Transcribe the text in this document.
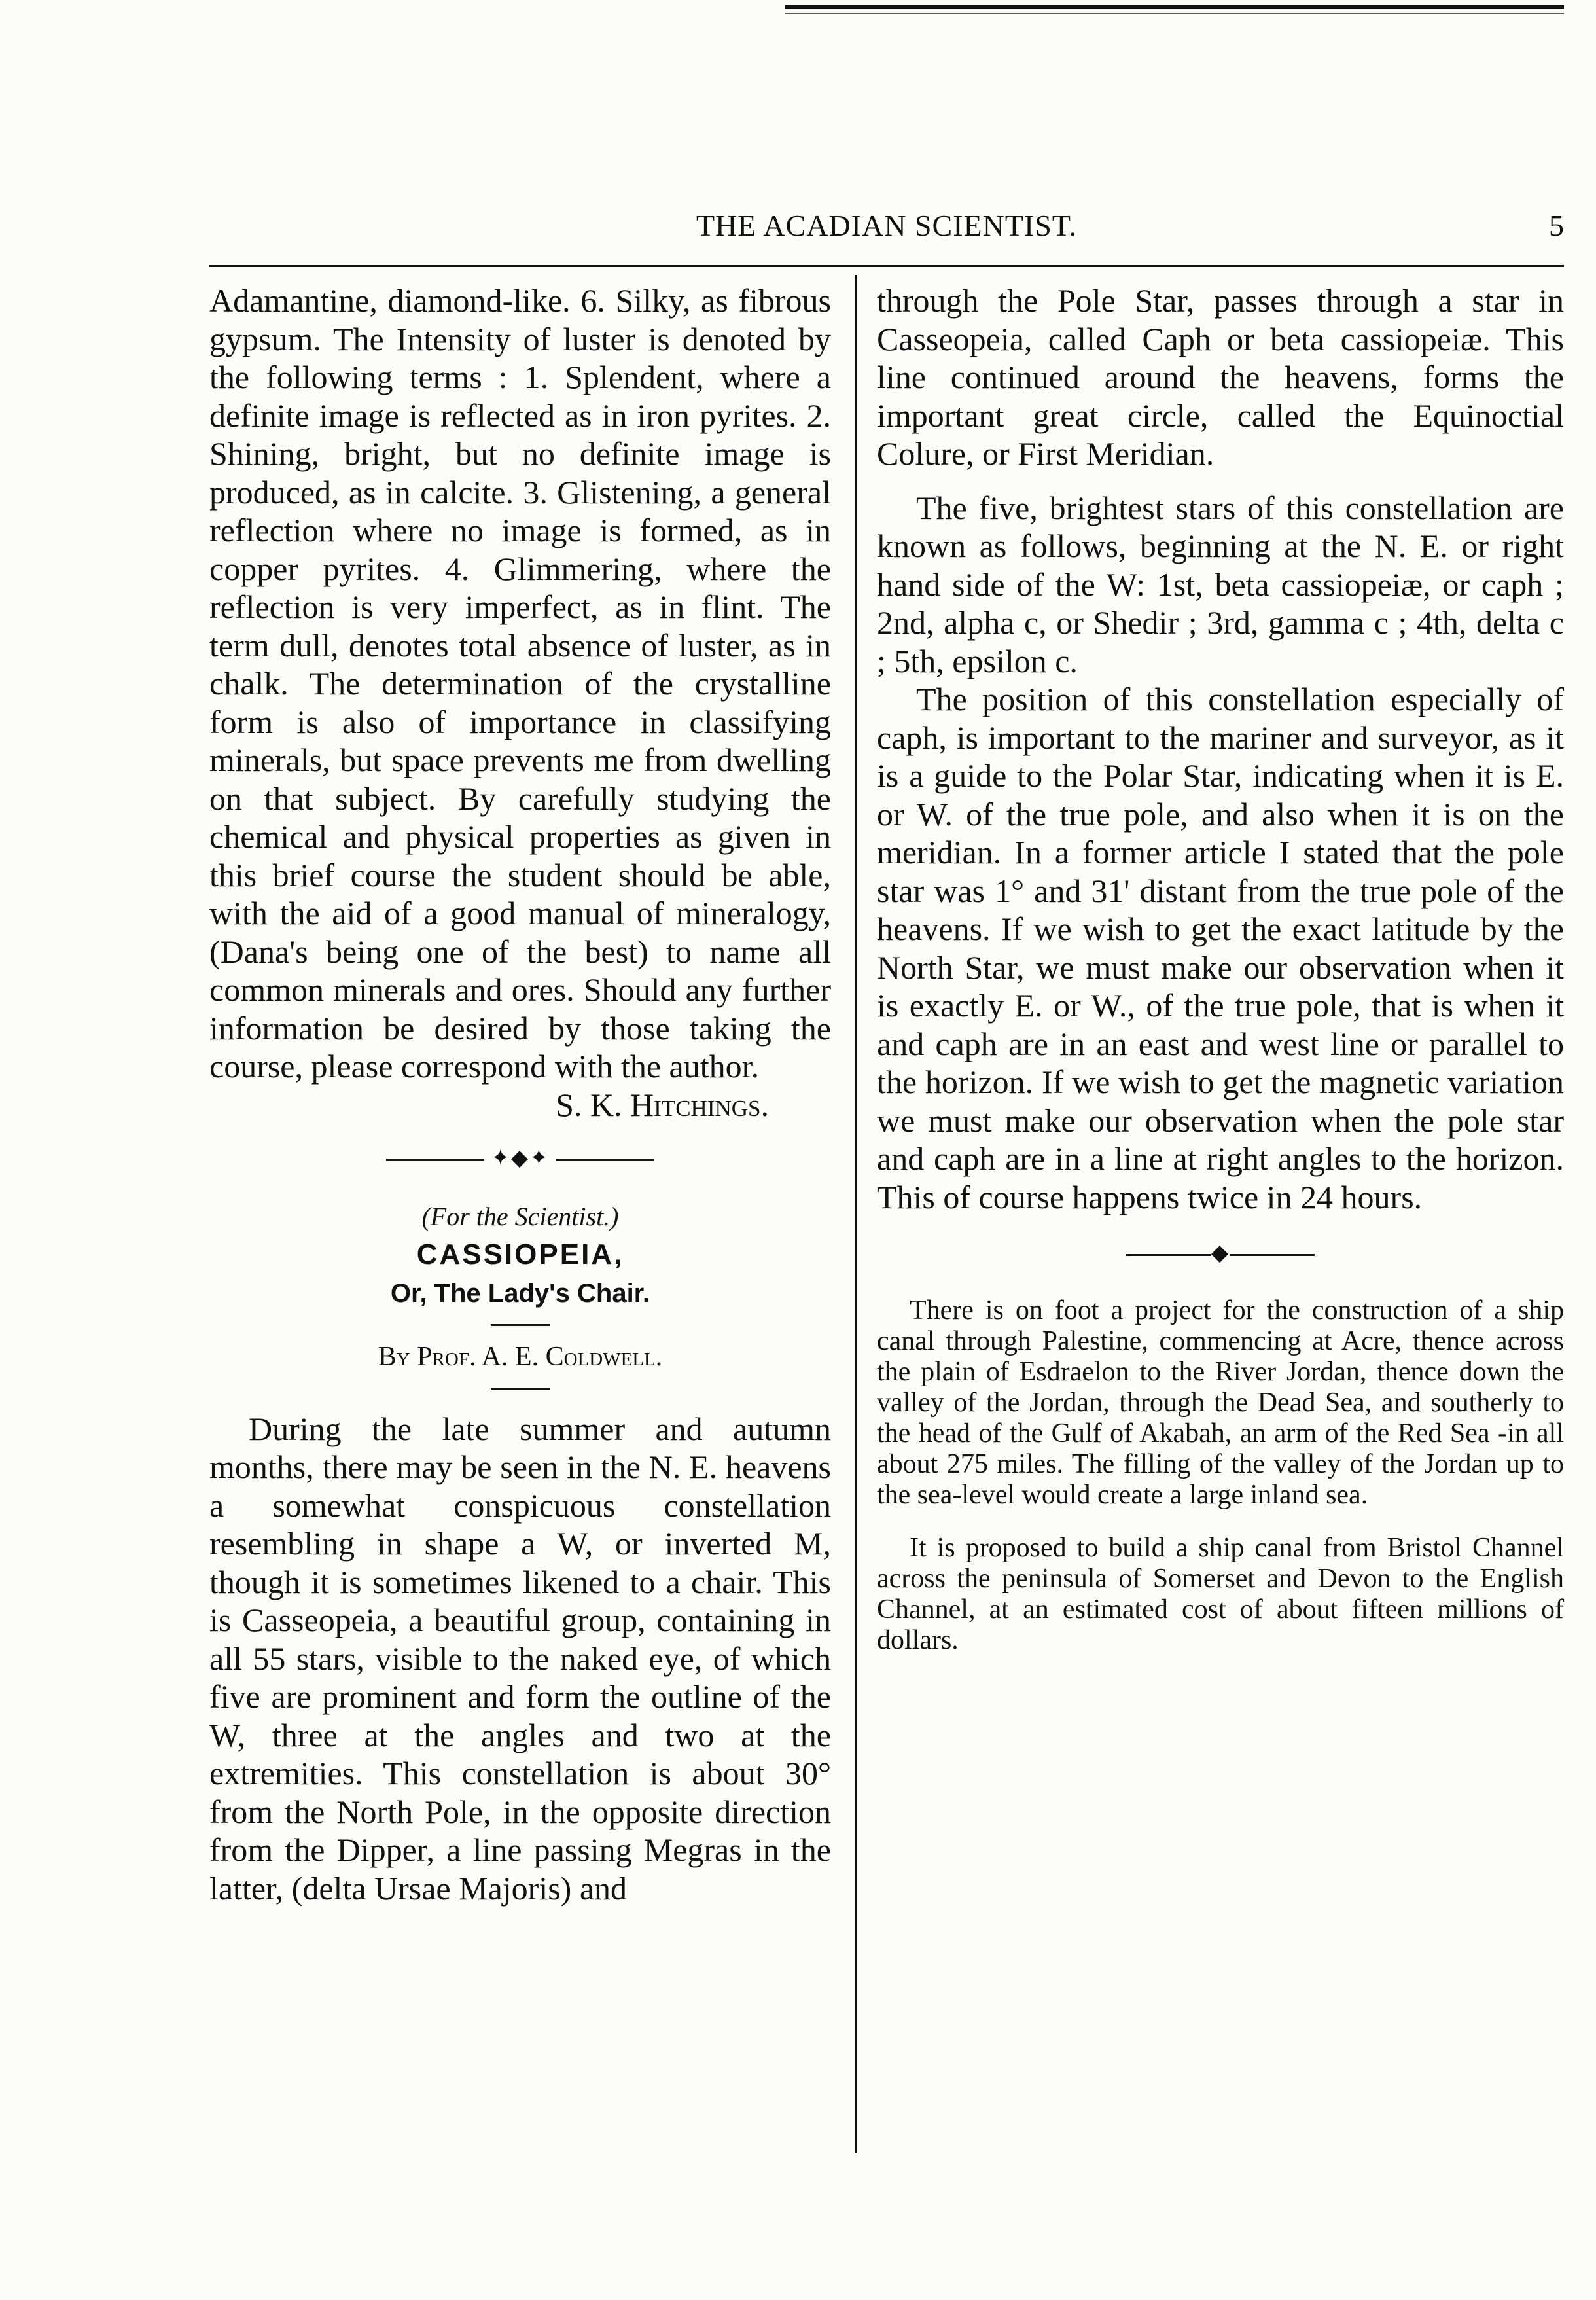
THE ACADIAN SCIENTIST.	5

Adamantine, diamond-like. 6. Silky, as fibrous gypsum. The Intensity of luster is denoted by the following terms : 1. Splendent, where a definite image is reflected as in iron pyrites. 2. Shining, bright, but no definite image is produced, as in calcite. 3. Glistening, a general reflection where no image is formed, as in copper pyrites. 4. Glimmering, where the reflection is very imperfect, as in flint. The term dull, denotes total absence of luster, as in chalk. The determination of the crystalline form is also of importance in classifying minerals, but space prevents me from dwelling on that subject. By carefully studying the chemical and physical properties as given in this brief course the student should be able, with the aid of a good manual of mineralogy, (Dana's being one of the best) to name all common minerals and ores. Should any further information be desired by those taking the course, please correspond with the author.

S. K. Hitchings.

✦◆✦

(For the Scientist.)

CASSIOPEIA,

Or, The Lady's Chair.

By Prof. A. E. Coldwell.

During the late summer and autumn months, there may be seen in the N. E. heavens a somewhat conspicuous constellation resembling in shape a W, or inverted M, though it is sometimes likened to a chair. This is Casseopeia, a beautiful group, containing in all 55 stars, visible to the naked eye, of which five are prominent and form the outline of the W, three at the angles and two at the extremities. This constellation is about 30° from the North Pole, in the opposite direction from the Dipper, a line passing Megras in the latter, (delta Ursae Majoris) and

through the Pole Star, passes through a star in Casseopeia, called Caph or beta cassiopeiæ. This line continued around the heavens, forms the important great circle, called the Equinoctial Colure, or First Meridian.

The five, brightest stars of this constellation are known as follows, beginning at the N. E. or right hand side of the W: 1st, beta cassiopeiæ, or caph ; 2nd, alpha c, or Shedir ; 3rd, gamma c ; 4th, delta c ; 5th, epsilon c.

The position of this constellation especially of caph, is important to the mariner and surveyor, as it is a guide to the Polar Star, indicating when it is E. or W. of the true pole, and also when it is on the meridian. In a former article I stated that the pole star was 1° and 31' distant from the true pole of the heavens. If we wish to get the exact latitude by the North Star, we must make our observation when it is exactly E. or W., of the true pole, that is when it and caph are in an east and west line or parallel to the horizon. If we wish to get the magnetic variation we must make our observation when the pole star and caph are in a line at right angles to the horizon. This of course happens twice in 24 hours.

◆

There is on foot a project for the construction of a ship canal through Palestine, commencing at Acre, thence across the plain of Esdraelon to the River Jordan, thence down the valley of the Jordan, through the Dead Sea, and southerly to the head of the Gulf of Akabah, an arm of the Red Sea -in all about 275 miles. The filling of the valley of the Jordan up to the sea-level would create a large inland sea.

It is proposed to build a ship canal from Bristol Channel across the peninsula of Somerset and Devon to the English Channel, at an estimated cost of about fifteen millions of dollars.
